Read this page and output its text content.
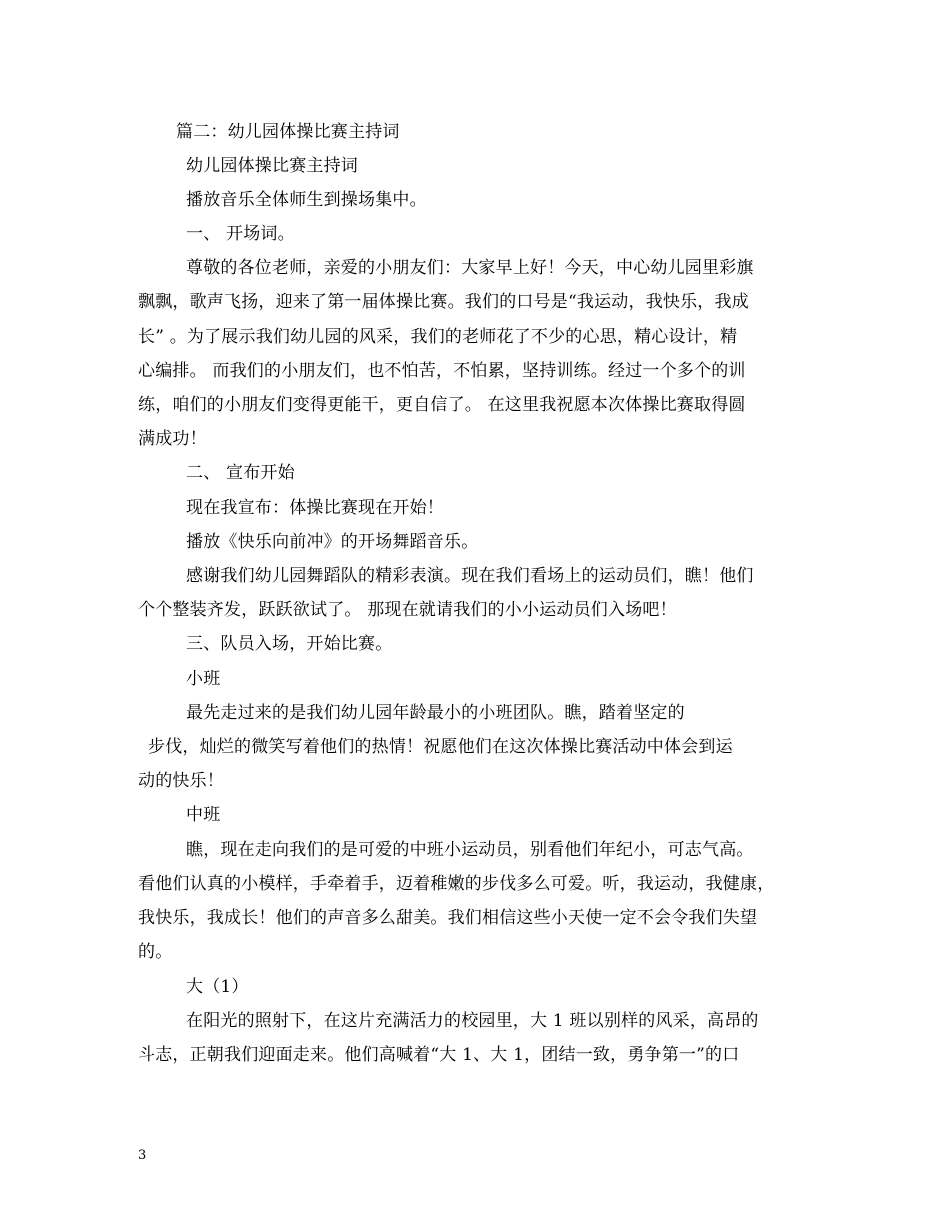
篇二：幼儿园体操比赛主持词
幼儿园体操比赛主持词
播放音乐全体师生到操场集中。
一、 开场词。
尊敬的各位老师，亲爱的小朋友们：大家早上好！今天，中心幼儿园里彩旗
飘飘，歌声飞扬，迎来了第一届体操比赛。我们的口号是“我运动，我快乐，我成
长” 。为了展示我们幼儿园的风采，我们的老师花了不少的心思，精心设计，精
心编排。 而我们的小朋友们，也不怕苦，不怕累，坚持训练。经过一个多个的训
练，咱们的小朋友们变得更能干，更自信了。 在这里我祝愿本次体操比赛取得圆
满成功！
二、 宣布开始
现在我宣布：体操比赛现在开始！
播放《快乐向前冲》的开场舞蹈音乐。
感谢我们幼儿园舞蹈队的精彩表演。现在我们看场上的运动员们，瞧！他们
个个整装齐发，跃跃欲试了。 那现在就请我们的小小运动员们入场吧！
三、队员入场，开始比赛。
小班
最先走过来的是我们幼儿园年龄最小的小班团队。瞧，踏着坚定的
步伐，灿烂的微笑写着他们的热情！祝愿他们在这次体操比赛活动中体会到运
动的快乐！
中班
瞧，现在走向我们的是可爱的中班小运动员，别看他们年纪小，可志气高。
看他们认真的小模样，手牵着手，迈着稚嫩的步伐多么可爱。听，我运动，我健康，
我快乐，我成长！他们的声音多么甜美。我们相信这些小天使一定不会令我们失望
的。
大（1）
在阳光的照射下，在这片充满活力的校园里，大 1 班以别样的风采，高昂的
斗志，正朝我们迎面走来。他们高喊着“大 1、大 1，团结一致，勇争第一”的口
3
